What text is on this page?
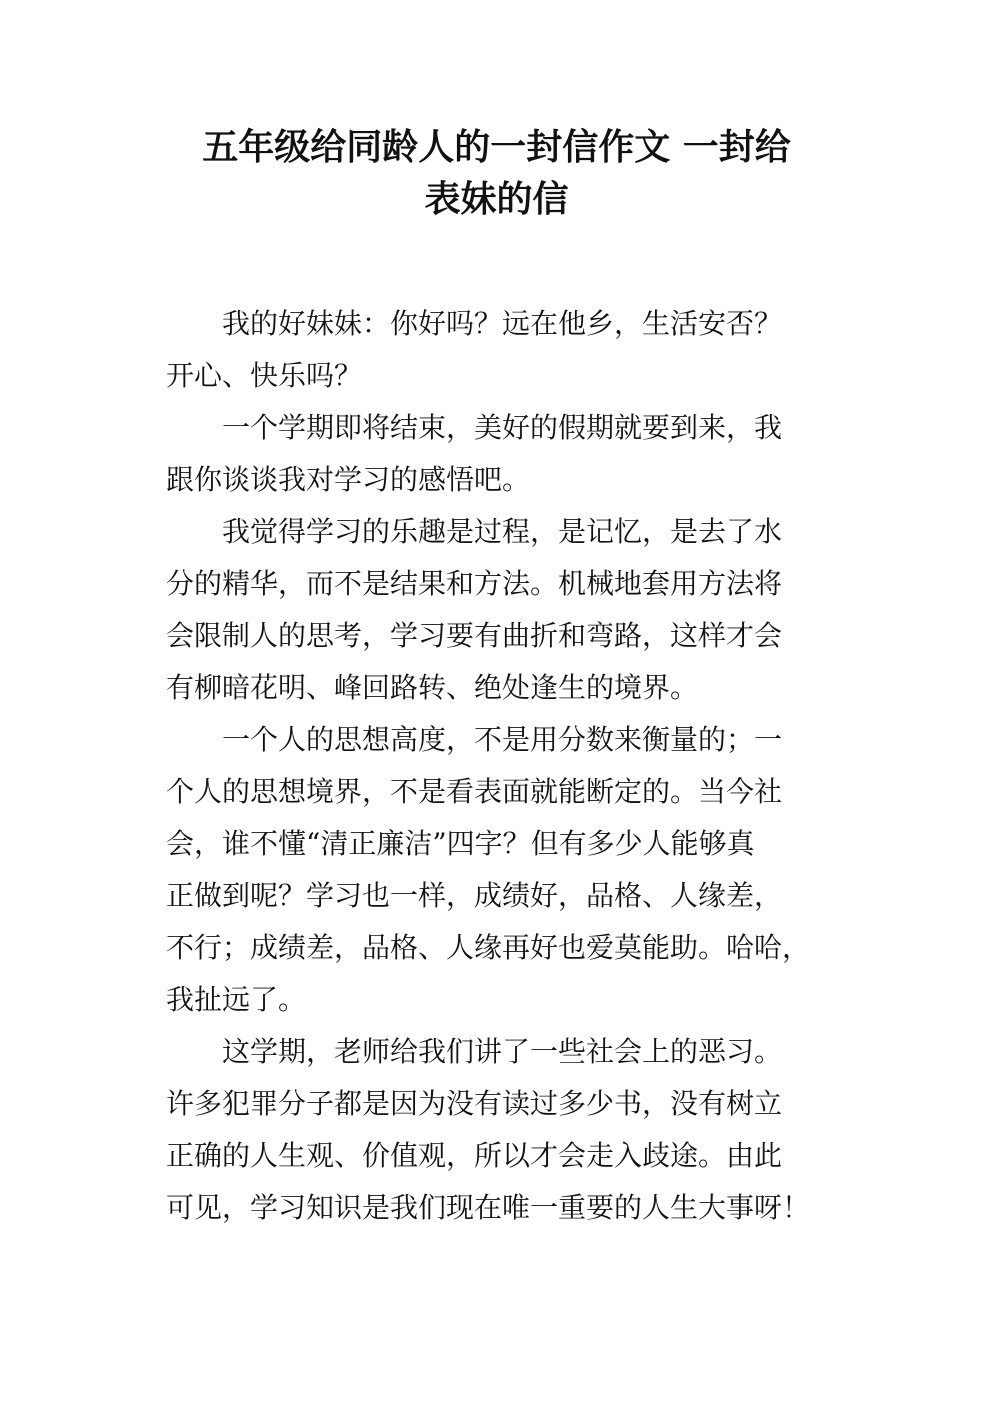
五年级给同龄人的一封信作文 一封给
表妹的信

我的好妹妹：你好吗？远在他乡，生活安否？
开心、快乐吗？

一个学期即将结束，美好的假期就要到来，我
跟你谈谈我对学习的感悟吧。

我觉得学习的乐趣是过程，是记忆，是去了水
分的精华，而不是结果和方法。机械地套用方法将
会限制人的思考，学习要有曲折和弯路，这样才会
有柳暗花明、峰回路转、绝处逢生的境界。

一个人的思想高度，不是用分数来衡量的；一
个人的思想境界，不是看表面就能断定的。当今社
会，谁不懂“清正廉洁”四字？但有多少人能够真
正做到呢？学习也一样，成绩好，品格、人缘差，
不行；成绩差，品格、人缘再好也爱莫能助。哈哈，
我扯远了。

这学期，老师给我们讲了一些社会上的恶习。
许多犯罪分子都是因为没有读过多少书，没有树立
正确的人生观、价值观，所以才会走入歧途。由此
可见，学习知识是我们现在唯一重要的人生大事呀！
